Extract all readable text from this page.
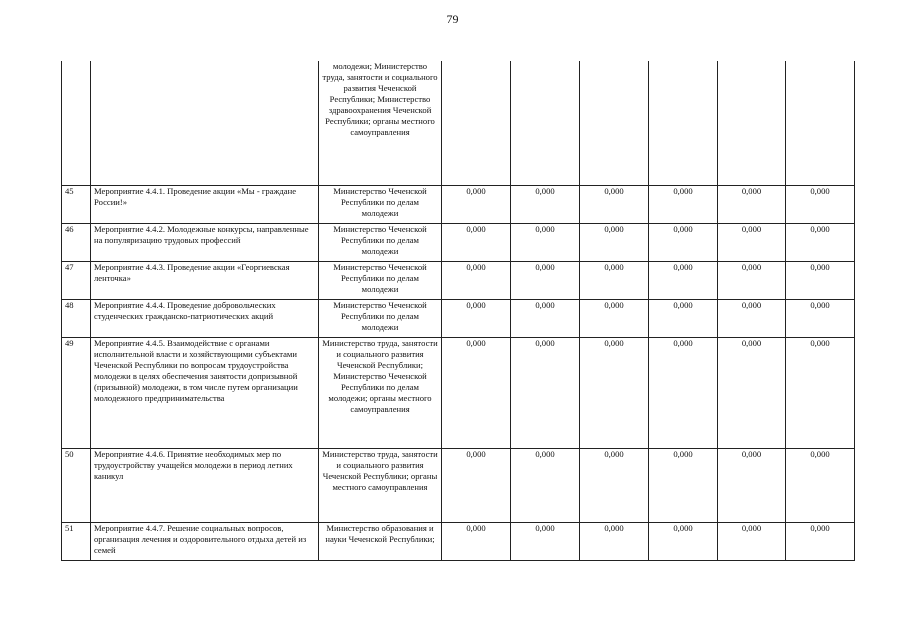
79
		молодежи; Министерство труда, занятости и социального развития Чеченской Республики; Министерство здравоохранения Чеченской Республики; органы местного самоуправления						
45	Мероприятие 4.4.1. Проведение акции «Мы - граждане России!»	Министерство Чеченской Республики по делам молодежи	0,000	0,000	0,000	0,000	0,000	0,000
46	Мероприятие 4.4.2. Молодежные конкурсы, направленные на популяризацию трудовых профессий	Министерство Чеченской Республики по делам молодежи	0,000	0,000	0,000	0,000	0,000	0,000
47	Мероприятие 4.4.3. Проведение акции «Георгиевская ленточка»	Министерство Чеченской Республики по делам молодежи	0,000	0,000	0,000	0,000	0,000	0,000
48	Мероприятие 4.4.4. Проведение добровольческих студенческих гражданско-патриотических акций	Министерство Чеченской Республики по делам молодежи	0,000	0,000	0,000	0,000	0,000	0,000
49	Мероприятие 4.4.5. Взаимодействие с органами исполнительной власти и хозяйствующими субъектами Чеченской Республики по вопросам трудоустройства молодежи в целях обеспечения занятости допризывной (призывной) молодежи, в том числе путем организации молодежного предпринимательства	Министерство труда, занятости и социального развития Чеченской Республики; Министерство Чеченской Республики по делам молодежи; органы местного самоуправления	0,000	0,000	0,000	0,000	0,000	0,000
50	Мероприятие 4.4.6. Принятие необходимых мер по трудоустройству учащейся молодежи в период летних каникул	Министерство труда, занятости и социального развития Чеченской Республики; органы местного самоуправления	0,000	0,000	0,000	0,000	0,000	0,000
51	Мероприятие 4.4.7. Решение социальных вопросов, организация лечения и оздоровительного отдыха детей из семей	Министерство образования и науки Чеченской Республики;	0,000	0,000	0,000	0,000	0,000	0,000
